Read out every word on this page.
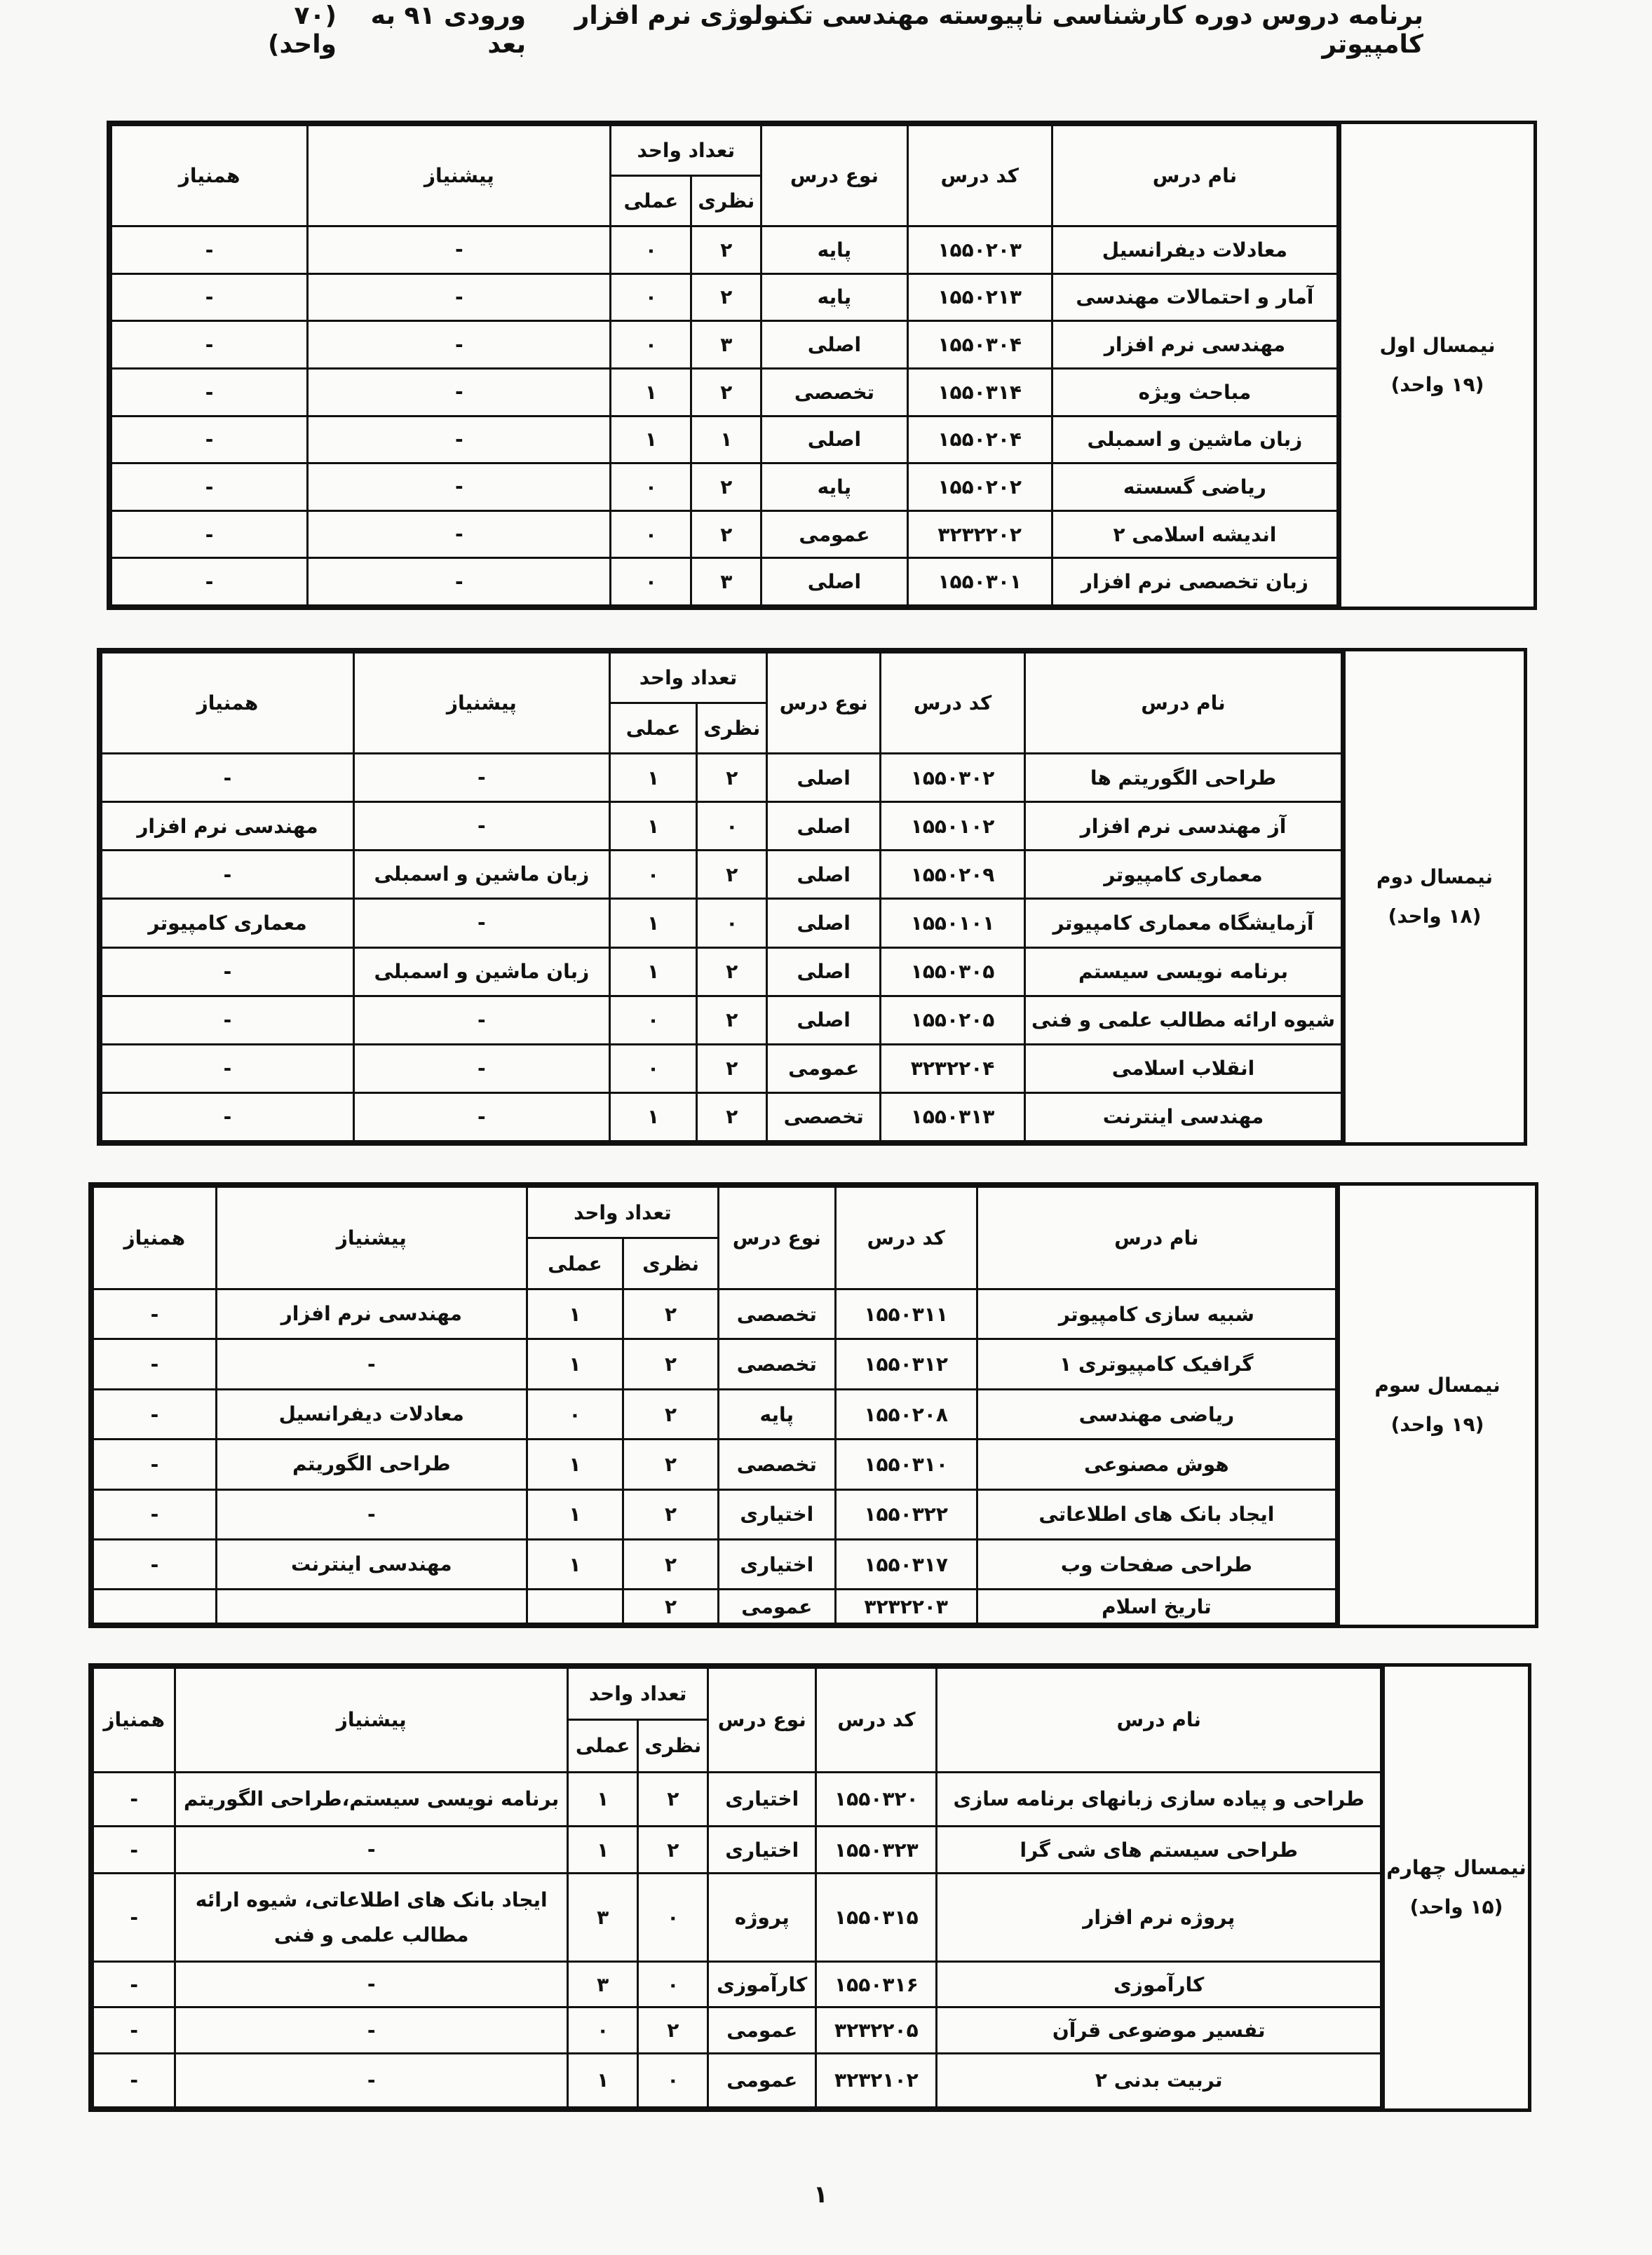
برنامه دروس دوره کارشناسی ناپیوسته مهندسی تکنولوژی نرم افزار کامپیوتر
ورودی ۹۱ به بعد
(۷۰ واحد)
نیمسال اول
(۱۹ واحد)
نام درس	کد درس	نوع درس	تعداد واحد		پیشنیاز	همنیاز
			نظری	عملی		
معادلات دیفرانسیل	۱۵۵۰۲۰۳	پایه	۲	۰	-	-
آمار و احتمالات مهندسی	۱۵۵۰۲۱۳	پایه	۲	۰	-	-
مهندسی نرم افزار	۱۵۵۰۳۰۴	اصلی	۳	۰	-	-
مباحث ویژه	۱۵۵۰۳۱۴	تخصصی	۲	۱	-	-
زبان ماشین و اسمبلی	۱۵۵۰۲۰۴	اصلی	۱	۱	-	-
ریاضی گسسته	۱۵۵۰۲۰۲	پایه	۲	۰	-	-
اندیشه اسلامی ۲	۳۲۳۲۲۰۲	عمومی	۲	۰	-	-
زبان تخصصی نرم افزار	۱۵۵۰۳۰۱	اصلی	۳	۰	-	-
نیمسال دوم
(۱۸ واحد)
نام درس	کد درس	نوع درس	تعداد واحد		پیشنیاز	همنیاز
			نظری	عملی		
طراحی الگوریتم ها	۱۵۵۰۳۰۲	اصلی	۲	۱	-	-
آز مهندسی نرم افزار	۱۵۵۰۱۰۲	اصلی	۰	۱	-	مهندسی نرم افزار
معماری کامپیوتر	۱۵۵۰۲۰۹	اصلی	۲	۰	زبان ماشین و اسمبلی	-
آزمایشگاه معماری کامپیوتر	۱۵۵۰۱۰۱	اصلی	۰	۱	-	معماری کامپیوتر
برنامه نویسی سیستم	۱۵۵۰۳۰۵	اصلی	۲	۱	زبان ماشین و اسمبلی	-
شیوه ارائه مطالب علمی و فنی	۱۵۵۰۲۰۵	اصلی	۲	۰	-	-
انقلاب اسلامی	۳۲۳۲۲۰۴	عمومی	۲	۰	-	-
مهندسی اینترنت	۱۵۵۰۳۱۳	تخصصی	۲	۱	-	-
نیمسال سوم
(۱۹ واحد)
نام درس	کد درس	نوع درس	تعداد واحد		پیشنیاز	همنیاز
			نظری	عملی		
شبیه سازی کامپیوتر	۱۵۵۰۳۱۱	تخصصی	۲	۱	مهندسی نرم افزار	-
گرافیک کامپیوتری ۱	۱۵۵۰۳۱۲	تخصصی	۲	۱	-	-
ریاضی مهندسی	۱۵۵۰۲۰۸	پایه	۲	۰	معادلات دیفرانسیل	-
هوش مصنوعی	۱۵۵۰۳۱۰	تخصصی	۲	۱	طراحی الگوریتم	-
ایجاد بانک های اطلاعاتی	۱۵۵۰۳۲۲	اختیاری	۲	۱	-	-
طراحی صفحات وب	۱۵۵۰۳۱۷	اختیاری	۲	۱	مهندسی اینترنت	-
تاریخ اسلام	۳۲۳۲۲۰۳	عمومی	۲			
نیمسال چهارم
(۱۵ واحد)
نام درس	کد درس	نوع درس	تعداد واحد		پیشنیاز	همنیاز
			نظری	عملی		
طراحی و پیاده سازی زبانهای برنامه سازی	۱۵۵۰۳۲۰	اختیاری	۲	۱	برنامه نویسی سیستم،طراحی الگوریتم	-
طراحی سیستم های شی گرا	۱۵۵۰۳۲۳	اختیاری	۲	۱	-	-
پروژه نرم افزار	۱۵۵۰۳۱۵	پروژه	۰	۳	ایجاد بانک های اطلاعاتی، شیوه ارائه مطالب علمی و فنی	-
کارآموزی	۱۵۵۰۳۱۶	کارآموزی	۰	۳	-	-
تفسیر موضوعی قرآن	۳۲۳۲۲۰۵	عمومی	۲	۰	-	-
تربیت بدنی ۲	۳۲۳۲۱۰۲	عمومی	۰	۱	-	-
۱
